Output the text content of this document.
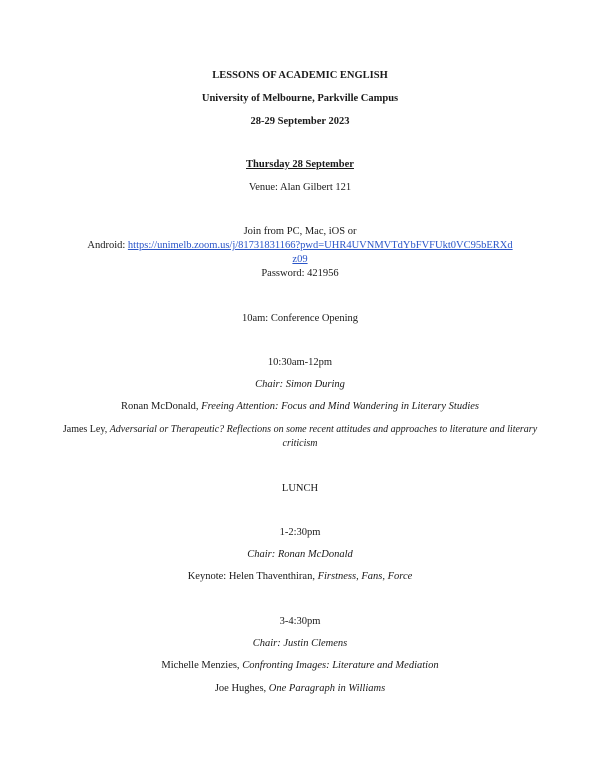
LESSONS OF ACADEMIC ENGLISH
University of Melbourne, Parkville Campus
28-29 September 2023
Thursday 28 September
Venue: Alan Gilbert 121
Join from PC, Mac, iOS or
Android: https://unimelb.zoom.us/j/81731831166?pwd=UHR4UVNMVTdYbFVFUkt0VC95bERXd
z09
Password: 421956
10am: Conference Opening
10:30am-12pm
Chair: Simon During
Ronan McDonald, Freeing Attention: Focus and Mind Wandering in Literary Studies
James Ley, Adversarial or Therapeutic? Reflections on some recent attitudes and approaches to literature and literary
criticism
LUNCH
1-2:30pm
Chair: Ronan McDonald
Keynote: Helen Thaventhiran, Firstness, Fans, Force
3-4:30pm
Chair: Justin Clemens
Michelle Menzies, Confronting Images: Literature and Mediation
Joe Hughes, One Paragraph in Williams
